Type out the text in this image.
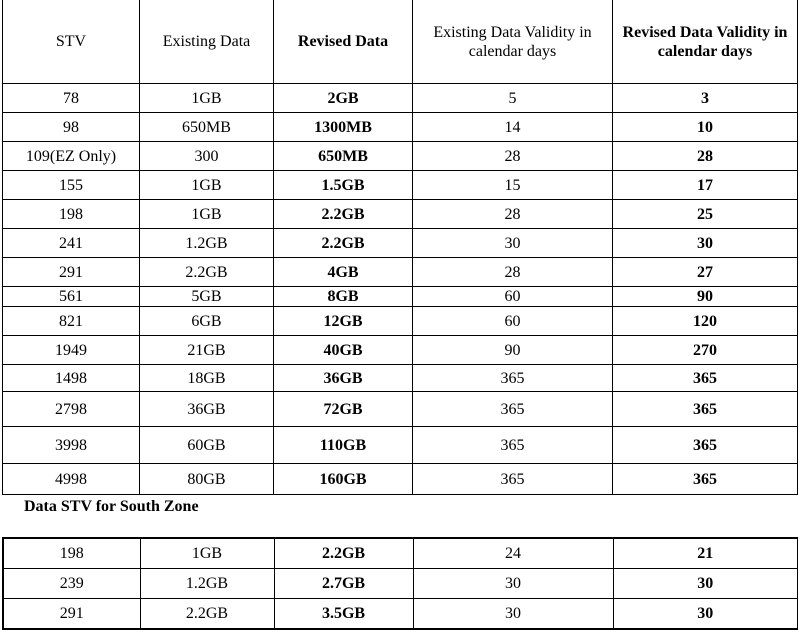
STV	Existing Data	Revised Data	Existing Data Validity in calendar days	Revised Data Validity in calendar days
78	1GB	2GB	5	3
98	650MB	1300MB	14	10
109(EZ Only)	300	650MB	28	28
155	1GB	1.5GB	15	17
198	1GB	2.2GB	28	25
241	1.2GB	2.2GB	30	30
291	2.2GB	4GB	28	27
561	5GB	8GB	60	90
821	6GB	12GB	60	120
1949	21GB	40GB	90	270
1498	18GB	36GB	365	365
2798	36GB	72GB	365	365
3998	60GB	110GB	365	365
4998	80GB	160GB	365	365
Data STV for South Zone
198	1GB	2.2GB	24	21
239	1.2GB	2.7GB	30	30
291	2.2GB	3.5GB	30	30
